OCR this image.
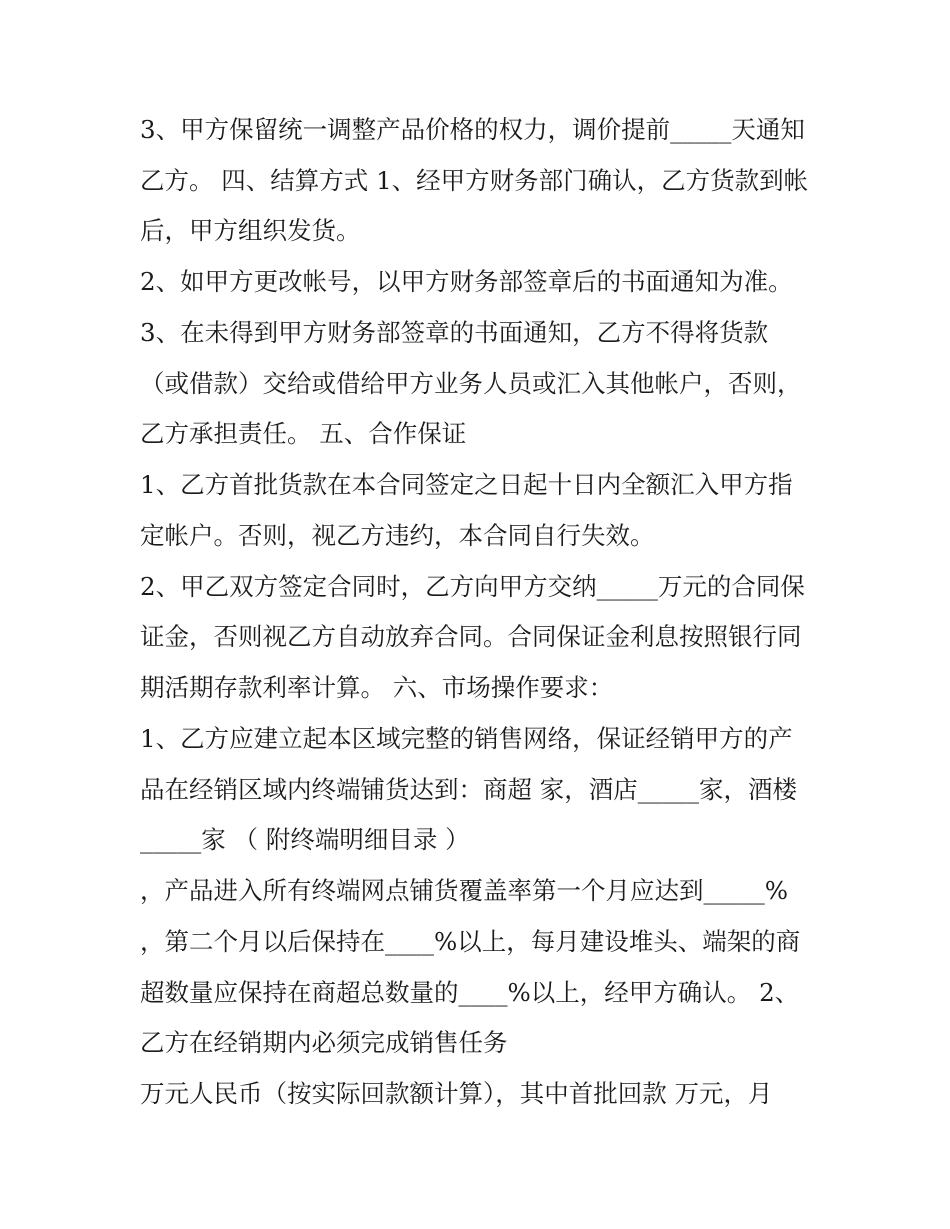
3、甲方保留统一调整产品价格的权力，调价提前_____天通知
乙方。 四、结算方式 1、经甲方财务部门确认，乙方货款到帐
后，甲方组织发货。
2、如甲方更改帐号，以甲方财务部签章后的书面通知为准。
3、在未得到甲方财务部签章的书面通知，乙方不得将货款
（或借款）交给或借给甲方业务人员或汇入其他帐户，否则，
乙方承担责任。 五、合作保证
1、乙方首批货款在本合同签定之日起十日内全额汇入甲方指
定帐户。否则，视乙方违约，本合同自行失效。
2、甲乙双方签定合同时，乙方向甲方交纳_____万元的合同保
证金，否则视乙方自动放弃合同。合同保证金利息按照银行同
期活期存款利率计算。 六、市场操作要求：
1、乙方应建立起本区域完整的销售网络，保证经销甲方的产
品在经销区域内终端铺货达到：商超 家，酒店_____家，酒楼
_____家 （ 附终端明细目录 ）
，产品进入所有终端网点铺货覆盖率第一个月应达到_____%
，第二个月以后保持在____%以上，每月建设堆头、端架的商
超数量应保持在商超总数量的____%以上，经甲方确认。 2、
乙方在经销期内必须完成销售任务
万元人民币（按实际回款额计算），其中首批回款 万元，月
